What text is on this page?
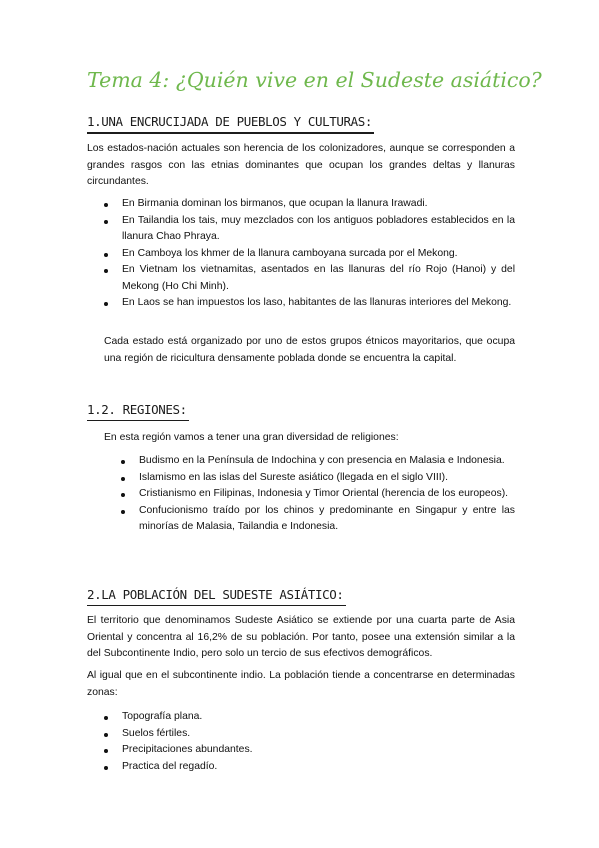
Tema 4: ¿Quién vive en el Sudeste asiático?
1.UNA ENCRUCIJADA DE PUEBLOS Y CULTURAS:

Los estados-nación actuales son herencia de los colonizadores, aunque se corresponden a grandes rasgos con las etnias dominantes que ocupan los grandes deltas y llanuras circundantes.

En Birmania dominan los birmanos, que ocupan la llanura Irawadi.
En Tailandia los tais, muy mezclados con los antiguos pobladores establecidos en la llanura Chao Phraya.
En Camboya los khmer de la llanura camboyana surcada por el Mekong.
En Vietnam los vietnamitas, asentados en las llanuras del río Rojo (Hanoi) y del Mekong (Ho Chi Minh).
En Laos se han impuestos los laso, habitantes de las llanuras interiores del Mekong.

Cada estado está organizado por uno de estos grupos étnicos mayoritarios, que ocupa una región de ricicultura densamente poblada donde se encuentra la capital.

1.2. REGIONES:

En esta región vamos a tener una gran diversidad de religiones:

Budismo en la Península de Indochina y con presencia en Malasia e Indonesia.
Islamismo en las islas del Sureste asiático (llegada en el siglo VIII).
Cristianismo en Filipinas, Indonesia y Timor Oriental (herencia de los europeos).
Confucionismo traído por los chinos y predominante en Singapur y entre las minorías de Malasia, Tailandia e Indonesia.
2.LA POBLACIÓN DEL SUDESTE ASIÁTICO:

El territorio que denominamos Sudeste Asiático se extiende por una cuarta parte de Asia Oriental y concentra al 16,2% de su población. Por tanto, posee una extensión similar a la del Subcontinente Indio, pero solo un tercio de sus efectivos demográficos.

Al igual que en el subcontinente indio. La población tiende a concentrarse en determinadas zonas:

Topografía plana.
Suelos fértiles.
Precipitaciones abundantes.
Practica del regadío.
